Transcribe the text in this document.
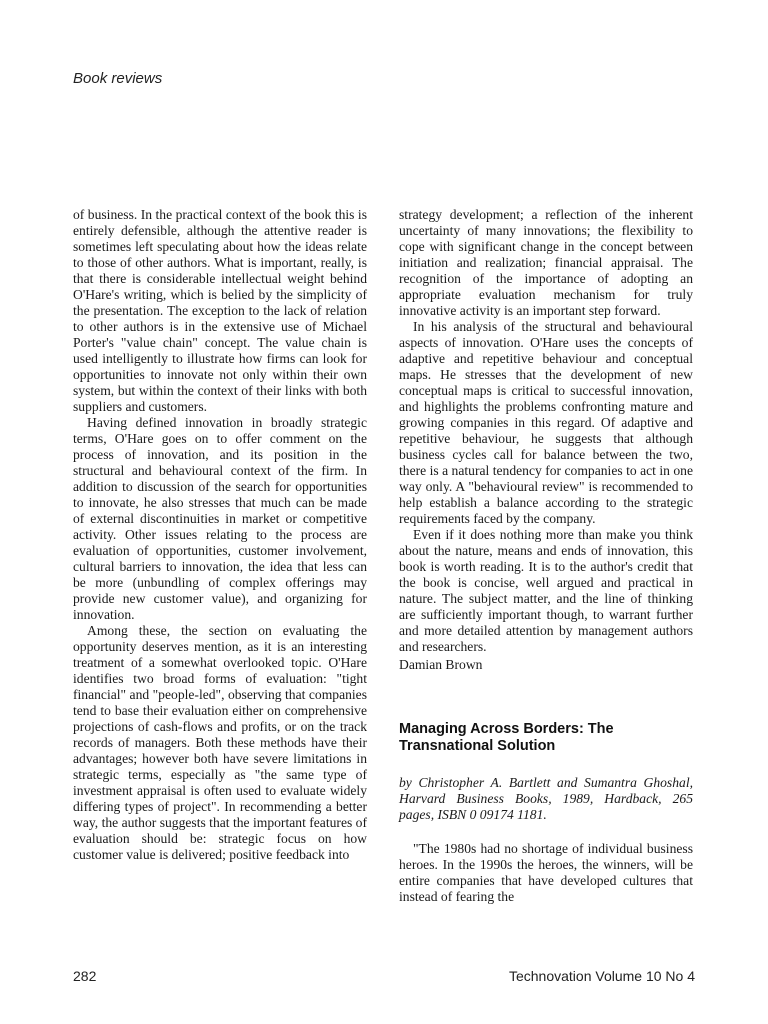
Book reviews

of business. In the practical context of the book this is entirely defensible, although the attentive reader is sometimes left speculating about how the ideas relate to those of other authors. What is important, really, is that there is considerable intellectual weight behind O'Hare's writing, which is belied by the simplicity of the presentation. The exception to the lack of relation to other authors is in the extensive use of Michael Porter's "value chain" concept. The value chain is used intelligently to illustrate how firms can look for opportunities to innovate not only within their own system, but within the context of their links with both suppliers and customers.

Having defined innovation in broadly strategic terms, O'Hare goes on to offer comment on the process of innovation, and its position in the structural and behavioural context of the firm. In addition to discussion of the search for opportunities to innovate, he also stresses that much can be made of external discontinuities in market or competitive activity. Other issues relating to the process are evaluation of opportunities, customer involvement, cultural barriers to innovation, the idea that less can be more (unbundling of complex offerings may provide new customer value), and organizing for innovation.

Among these, the section on evaluating the opportunity deserves mention, as it is an interesting treatment of a somewhat overlooked topic. O'Hare identifies two broad forms of evaluation: "tight financial" and "people-led", observing that companies tend to base their evaluation either on comprehensive projections of cash-flows and profits, or on the track records of managers. Both these methods have their advantages; however both have severe limitations in strategic terms, especially as "the same type of investment appraisal is often used to evaluate widely differing types of project". In recommending a better way, the author suggests that the important features of evaluation should be: strategic focus on how customer value is delivered; positive feedback into

strategy development; a reflection of the inherent uncertainty of many innovations; the flexibility to cope with significant change in the concept between initiation and realization; financial appraisal. The recognition of the importance of adopting an appropriate evaluation mechanism for truly innovative activity is an important step forward.

In his analysis of the structural and behavioural aspects of innovation. O'Hare uses the concepts of adaptive and repetitive behaviour and conceptual maps. He stresses that the development of new conceptual maps is critical to successful innovation, and highlights the problems confronting mature and growing companies in this regard. Of adaptive and repetitive behaviour, he suggests that although business cycles call for balance between the two, there is a natural tendency for companies to act in one way only. A "behavioural review" is recommended to help establish a balance according to the strategic requirements faced by the company.

Even if it does nothing more than make you think about the nature, means and ends of innovation, this book is worth reading. It is to the author's credit that the book is concise, well argued and practical in nature. The subject matter, and the line of thinking are sufficiently important though, to warrant further and more detailed attention by management authors and researchers.

Damian Brown

Managing Across Borders: The Transnational Solution

by Christopher A. Bartlett and Sumantra Ghoshal, Harvard Business Books, 1989, Hardback, 265 pages, ISBN 0 09174 1181.

"The 1980s had no shortage of individual business heroes. In the 1990s the heroes, the winners, will be entire companies that have developed cultures that instead of fearing the

282	Technovation Volume 10 No 4
